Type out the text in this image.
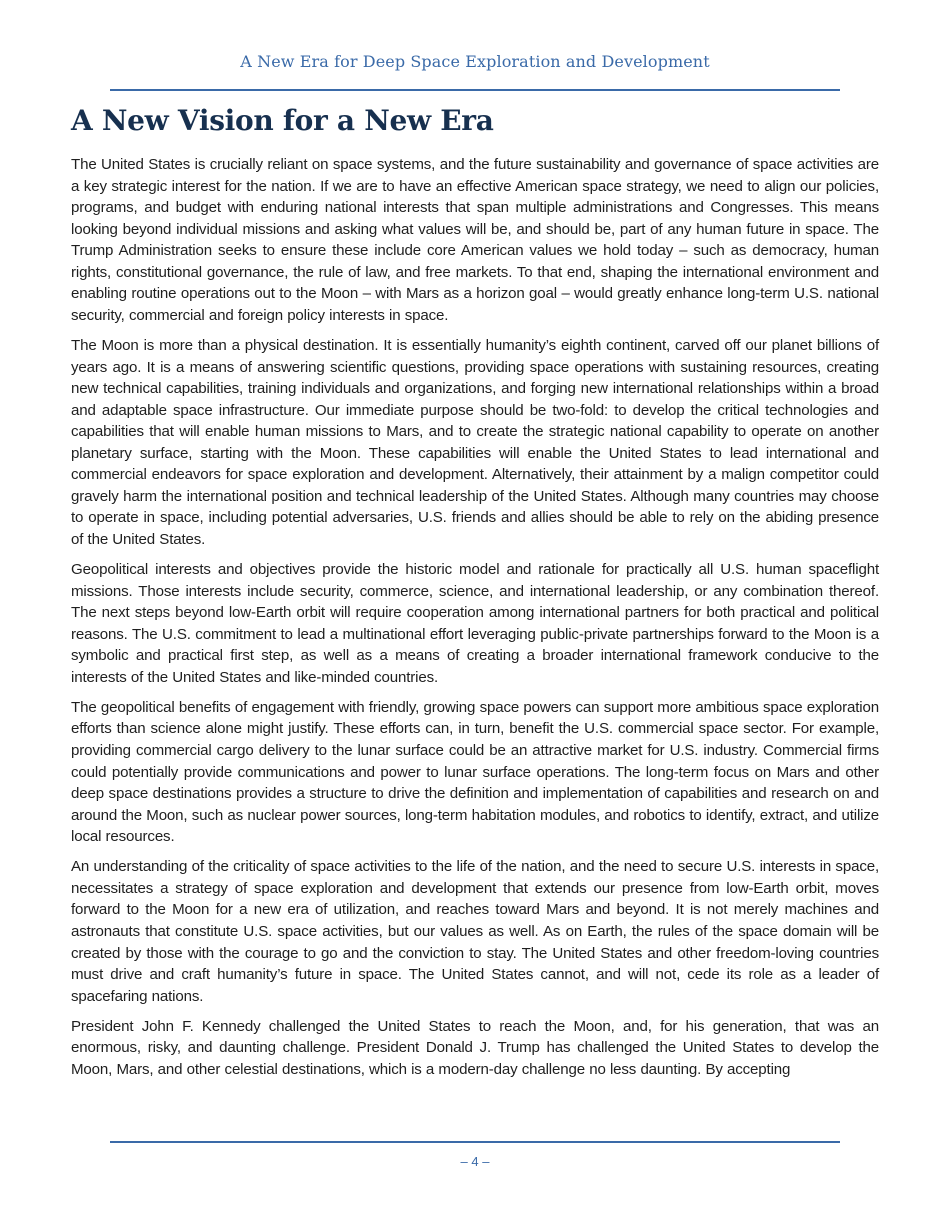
A New Era for Deep Space Exploration and Development
A New Vision for a New Era

The United States is crucially reliant on space systems, and the future sustainability and governance of space activities are a key strategic interest for the nation. If we are to have an effective American space strategy, we need to align our policies, programs, and budget with enduring national interests that span multiple administrations and Congresses. This means looking beyond individual missions and asking what values will be, and should be, part of any human future in space. The Trump Administration seeks to ensure these include core American values we hold today – such as democracy, human rights, constitutional governance, the rule of law, and free markets. To that end, shaping the international environment and enabling routine operations out to the Moon – with Mars as a horizon goal – would greatly enhance long-term U.S. national security, commercial and foreign policy interests in space.

The Moon is more than a physical destination. It is essentially humanity’s eighth continent, carved off our planet billions of years ago. It is a means of answering scientific questions, providing space operations with sustaining resources, creating new technical capabilities, training individuals and organizations, and forging new international relationships within a broad and adaptable space infrastructure. Our immediate purpose should be two-fold: to develop the critical technologies and capabilities that will enable human missions to Mars, and to create the strategic national capability to operate on another planetary surface, starting with the Moon. These capabilities will enable the United States to lead international and commercial endeavors for space exploration and development. Alternatively, their attainment by a malign competitor could gravely harm the international position and technical leadership of the United States. Although many countries may choose to operate in space, including potential adversaries, U.S. friends and allies should be able to rely on the abiding presence of the United States.

Geopolitical interests and objectives provide the historic model and rationale for practically all U.S. human spaceflight missions. Those interests include security, commerce, science, and international leadership, or any combination thereof. The next steps beyond low-Earth orbit will require cooperation among international partners for both practical and political reasons. The U.S. commitment to lead a multinational effort leveraging public-private partnerships forward to the Moon is a symbolic and practical first step, as well as a means of creating a broader international framework conducive to the interests of the United States and like-minded countries.

The geopolitical benefits of engagement with friendly, growing space powers can support more ambitious space exploration efforts than science alone might justify. These efforts can, in turn, benefit the U.S. commercial space sector. For example, providing commercial cargo delivery to the lunar surface could be an attractive market for U.S. industry. Commercial firms could potentially provide communications and power to lunar surface operations. The long-term focus on Mars and other deep space destinations provides a structure to drive the definition and implementation of capabilities and research on and around the Moon, such as nuclear power sources, long-term habitation modules, and robotics to identify, extract, and utilize local resources.

An understanding of the criticality of space activities to the life of the nation, and the need to secure U.S. interests in space, necessitates a strategy of space exploration and development that extends our presence from low-Earth orbit, moves forward to the Moon for a new era of utilization, and reaches toward Mars and beyond. It is not merely machines and astronauts that constitute U.S. space activities, but our values as well. As on Earth, the rules of the space domain will be created by those with the courage to go and the conviction to stay. The United States and other freedom-loving countries must drive and craft humanity’s future in space. The United States cannot, and will not, cede its role as a leader of spacefaring nations.

President John F. Kennedy challenged the United States to reach the Moon, and, for his generation, that was an enormous, risky, and daunting challenge. President Donald J. Trump has challenged the United States to develop the Moon, Mars, and other celestial destinations, which is a modern-day challenge no less daunting. By accepting

– 4 –
